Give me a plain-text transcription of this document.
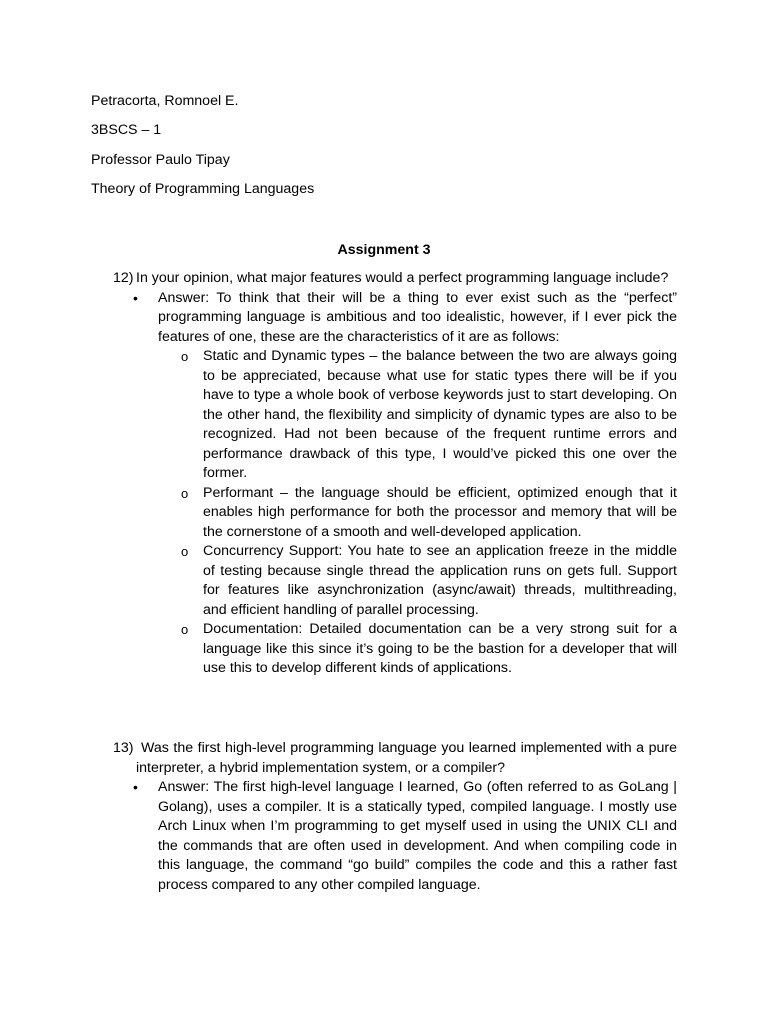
Petracorta, Romnoel E.
3BSCS – 1
Professor Paulo Tipay
Theory of Programming Languages
Assignment 3
12) In your opinion, what major features would a perfect programming language include?
• Answer: To think that their will be a thing to ever exist such as the “perfect” programming language is ambitious and too idealistic, however, if I ever pick the features of one, these are the characteristics of it are as follows:
o Static and Dynamic types – the balance between the two are always going to be appreciated, because what use for static types there will be if you have to type a whole book of verbose keywords just to start developing. On the other hand, the flexibility and simplicity of dynamic types are also to be recognized. Had not been because of the frequent runtime errors and performance drawback of this type, I would’ve picked this one over the former.
o Performant – the language should be efficient, optimized enough that it enables high performance for both the processor and memory that will be the cornerstone of a smooth and well-developed application.
o Concurrency Support: You hate to see an application freeze in the middle of testing because single thread the application runs on gets full. Support for features like asynchronization (async/await) threads, multithreading, and efficient handling of parallel processing.
o Documentation: Detailed documentation can be a very strong suit for a language like this since it’s going to be the bastion for a developer that will use this to develop different kinds of applications.
13) Was the first high-level programming language you learned implemented with a pure interpreter, a hybrid implementation system, or a compiler?
• Answer: The first high-level language I learned, Go (often referred to as GoLang | Golang), uses a compiler. It is a statically typed, compiled language. I mostly use Arch Linux when I’m programming to get myself used in using the UNIX CLI and the commands that are often used in development. And when compiling code in this language, the command “go build” compiles the code and this a rather fast process compared to any other compiled language.
